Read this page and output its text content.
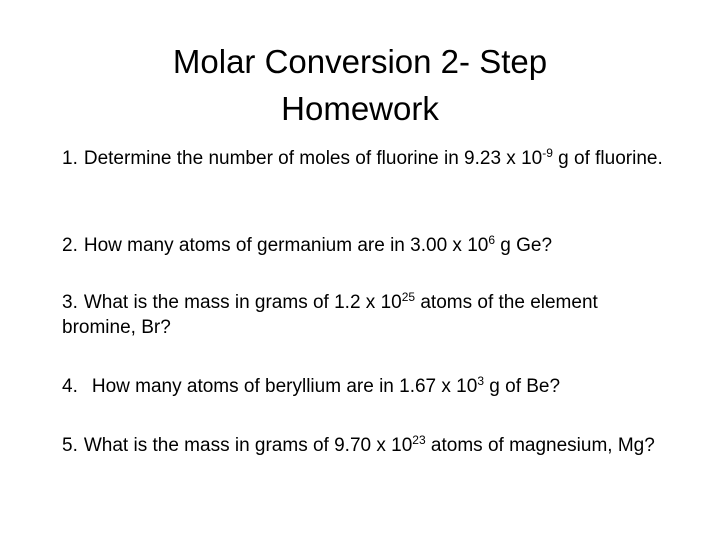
Molar Conversion 2- Step
Homework
1. Determine the number of moles of fluorine in 9.23 x $10^{-9}$ g of fluorine.
2. How many atoms of germanium are in 3.00 x $10^6$ g Ge?
3. What is the mass in grams of 1.2 x $10^{25}$ atoms of the element bromine, Br?
4. How many atoms of beryllium are in 1.67 x $10^3$ g of Be?
5. What is the mass in grams of 9.70 x $10^{23}$ atoms of magnesium, Mg?
